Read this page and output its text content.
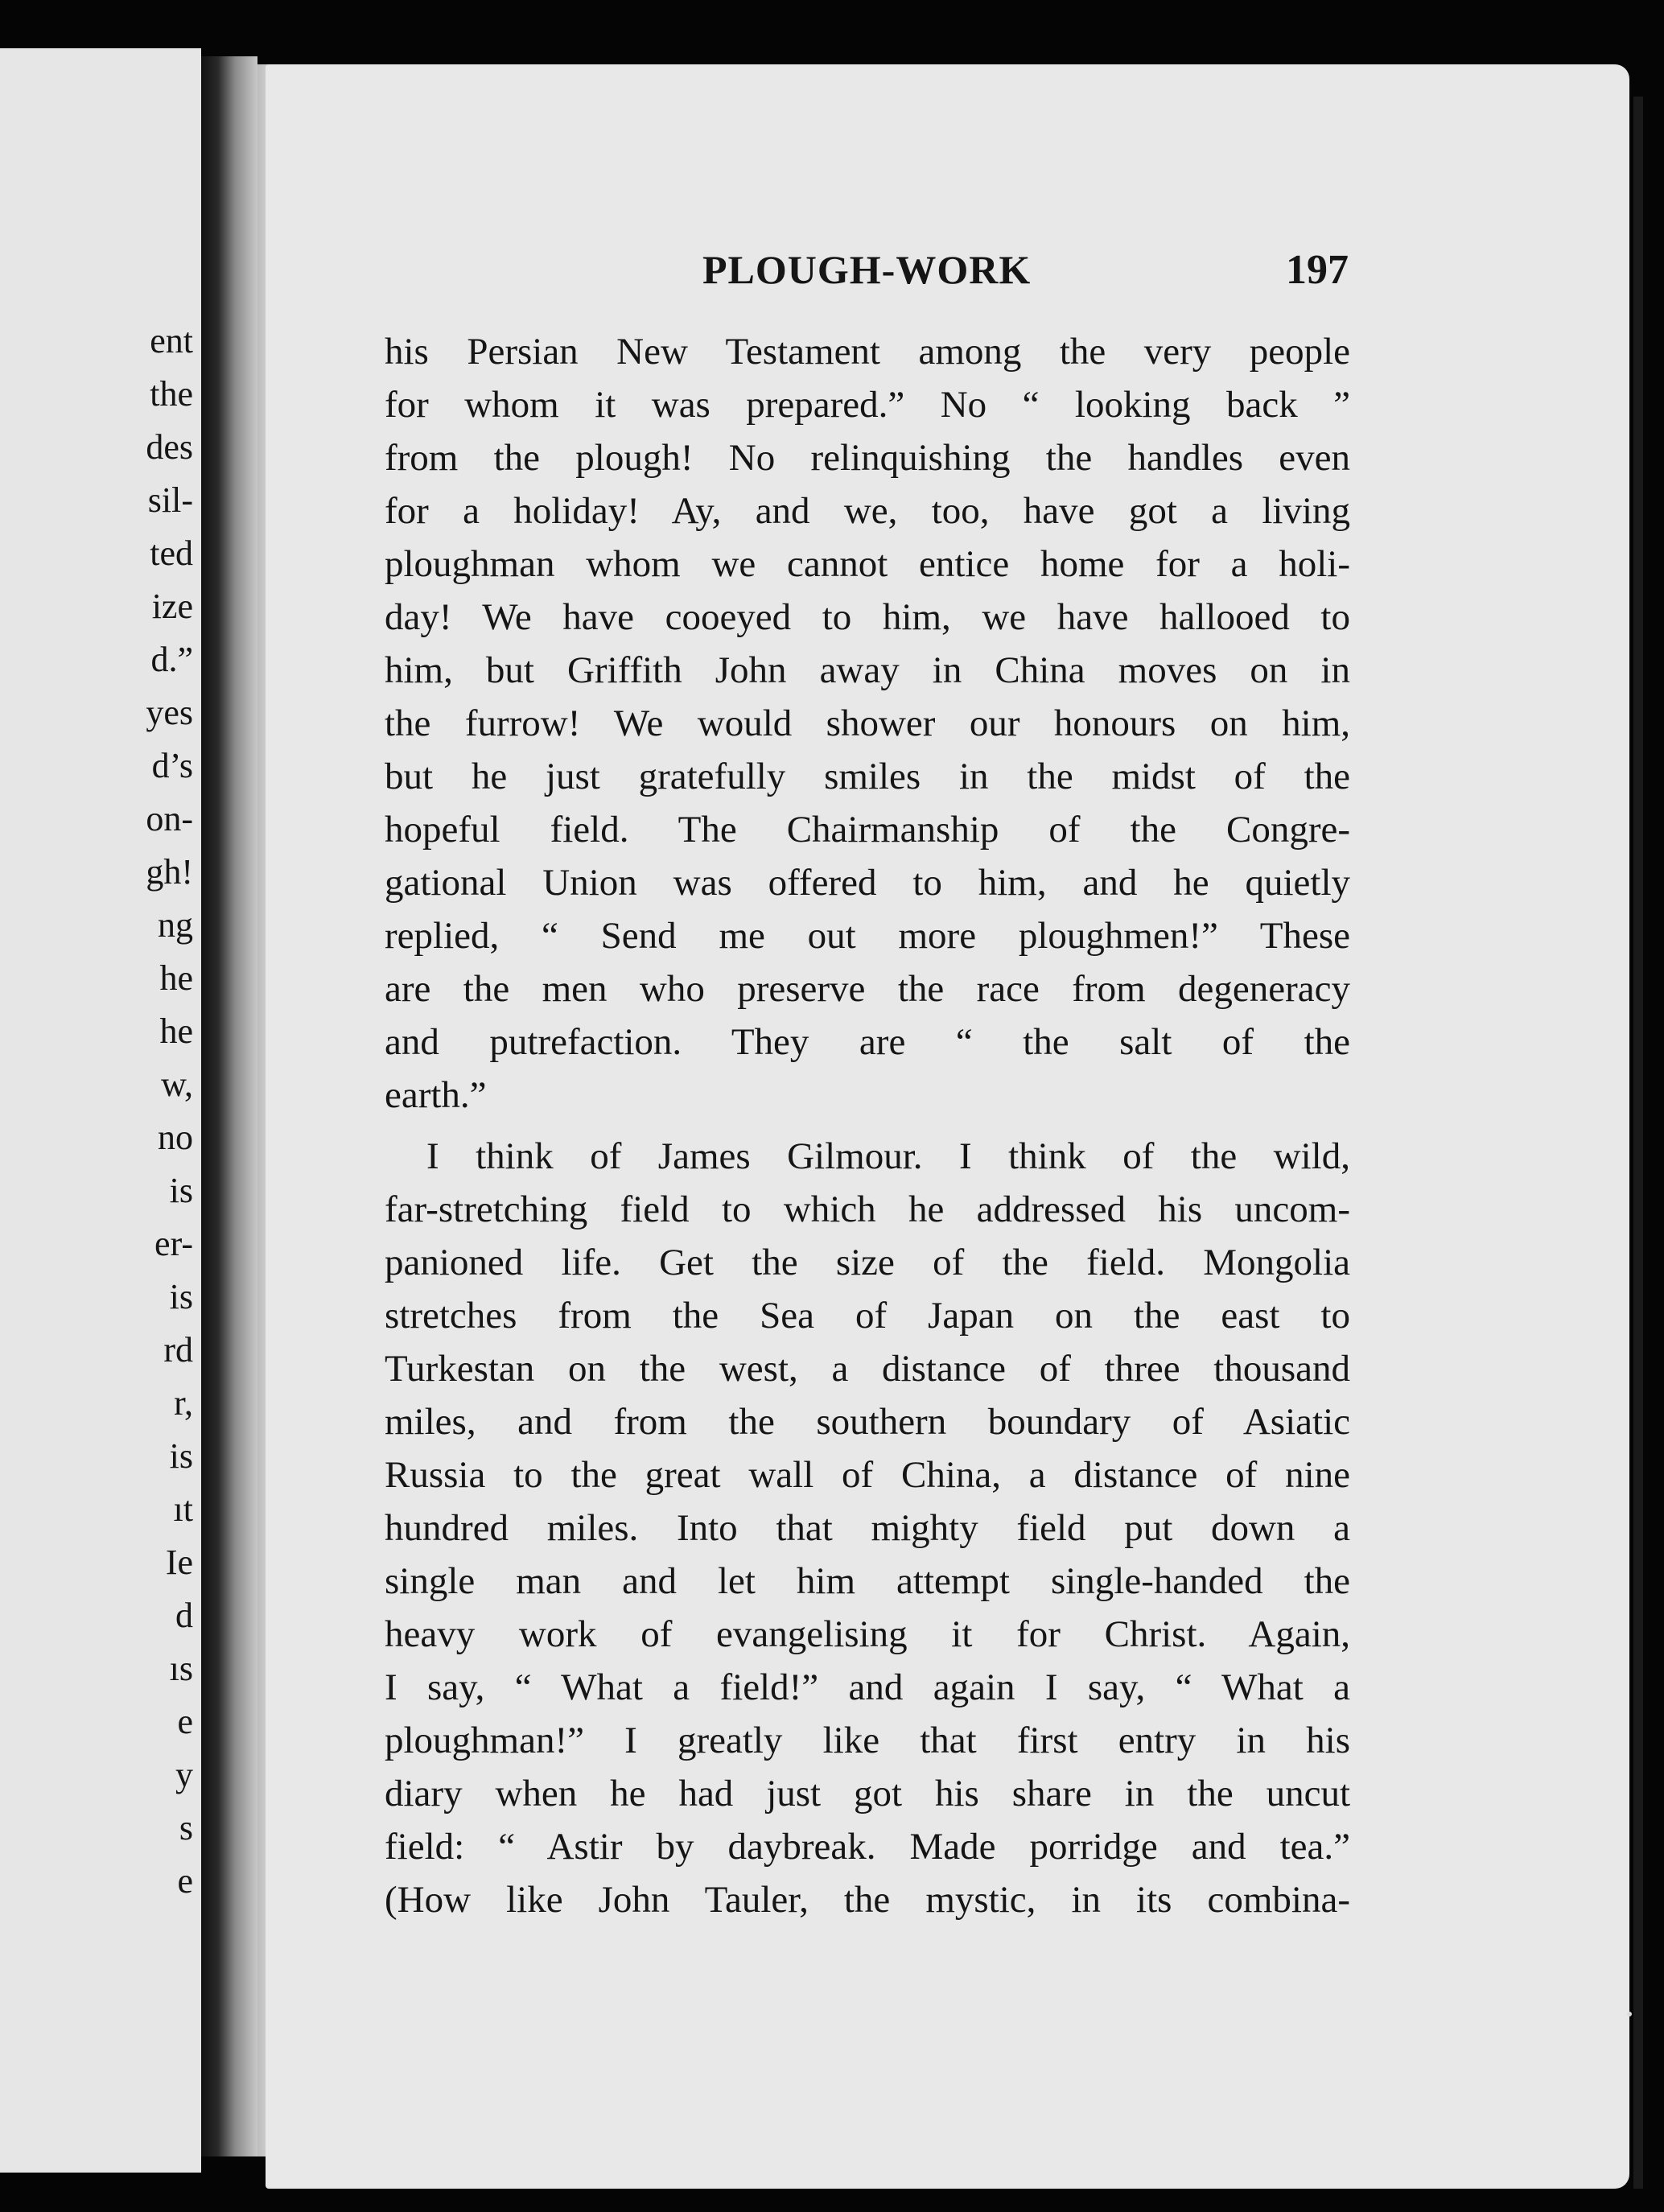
ent
the
des
sil-
ted
ize
d.”
yes
d’s
on-
gh!
ng
he
he
w,
no
is
er-
is
rd
r,
is
ıt
Ie
d
ıs
e
y
s
e
PLOUGH-WORK	197
his Persian New Testament among the very people
for whom it was prepared.” No “ looking back ”
from the plough! No relinquishing the handles even
for a holiday! Ay, and we, too, have got a living
ploughman whom we cannot entice home for a holi-
day! We have cooeyed to him, we have hallooed to
him, but Griffith John away in China moves on in
the furrow! We would shower our honours on him,
but he just gratefully smiles in the midst of the
hopeful field. The Chairmanship of the Congre-
gational Union was offered to him, and he quietly
replied, “ Send me out more ploughmen!” These
are the men who preserve the race from degeneracy
and putrefaction. They are “ the salt of the
earth.”
I think of James Gilmour. I think of the wild,
far-stretching field to which he addressed his uncom-
panioned life. Get the size of the field. Mongolia
stretches from the Sea of Japan on the east to
Turkestan on the west, a distance of three thousand
miles, and from the southern boundary of Asiatic
Russia to the great wall of China, a distance of nine
hundred miles. Into that mighty field put down a
single man and let him attempt single-handed the
heavy work of evangelising it for Christ. Again,
I say, “ What a field!” and again I say, “ What a
ploughman!” I greatly like that first entry in his
diary when he had just got his share in the uncut
field: “ Astir by daybreak. Made porridge and tea.”
(How like John Tauler, the mystic, in its combina-
